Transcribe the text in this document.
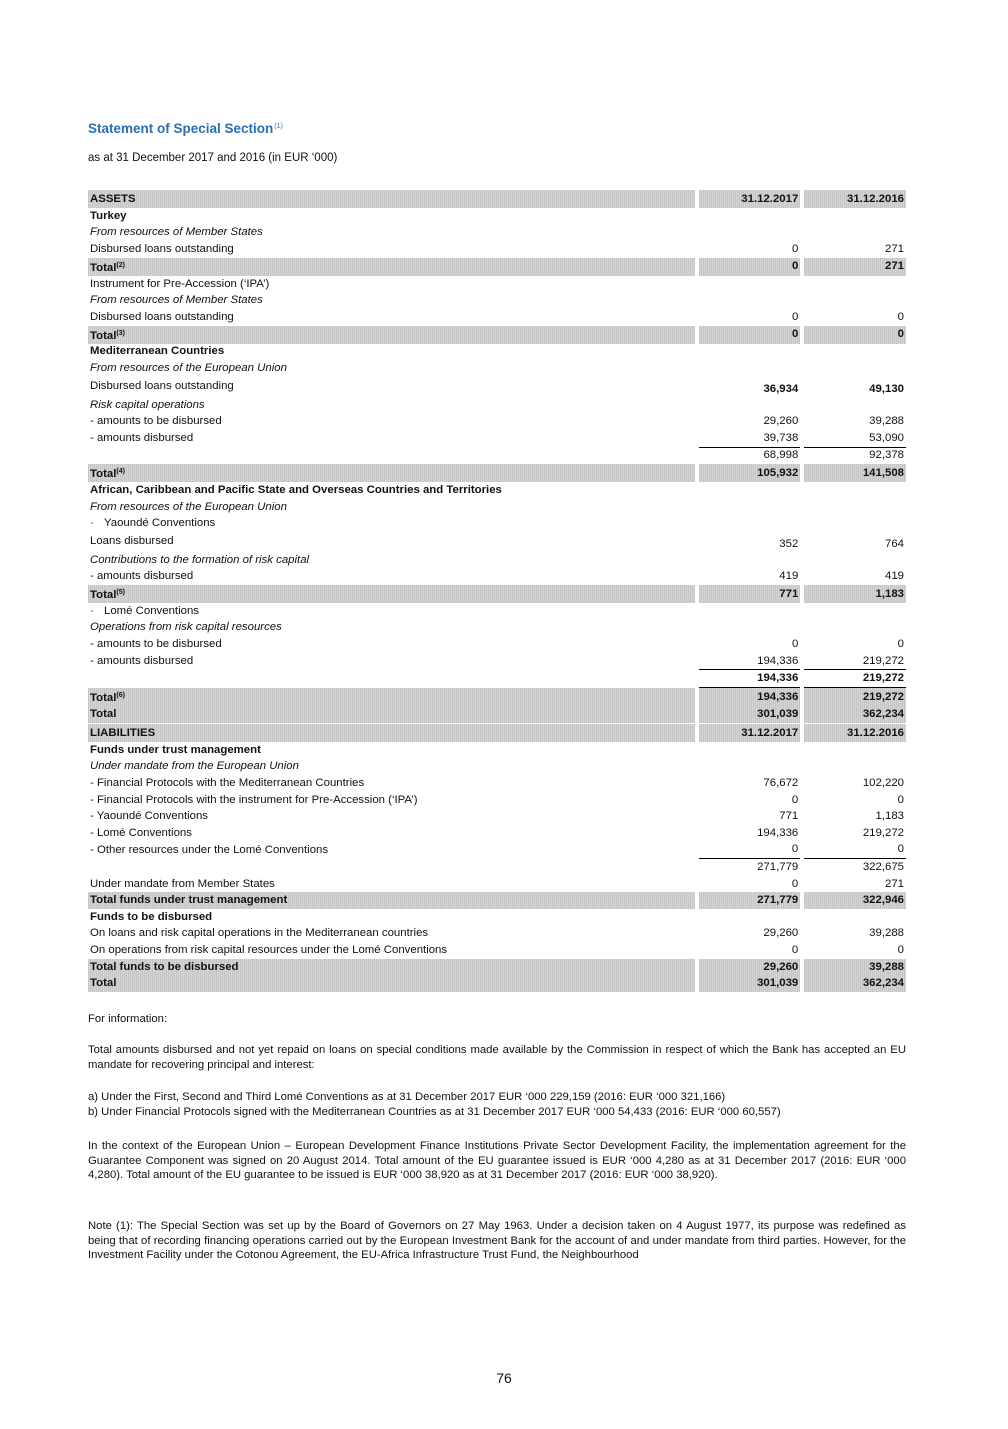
Statement of Special Section$^{(1)}$
as at 31 December 2017 and 2016 (in EUR ‘000)
ASSETS		31.12.2017		31.12.2016
Turkey				
From resources of Member States				
Disbursed loans outstanding		0		271
Total$^{(2)}$		0		271
Instrument for Pre-Accession (‘IPA’)				
From resources of Member States				
Disbursed loans outstanding		0		0
Total$^{(3)}$		0		0
Mediterranean Countries				
From resources of the European Union				
Disbursed loans outstanding		36,934		49,130
Risk capital operations				
- amounts to be disbursed		29,260		39,288
- amounts disbursed		39,738		53,090
		68,998		92,378
Total$^{(4)}$		105,932		141,508
African, Caribbean and Pacific State and Overseas Countries and Territories				
From resources of the European Union				
· Yaoundé Conventions				
Loans disbursed		352		764
Contributions to the formation of risk capital				
- amounts disbursed		419		419
Total$^{(5)}$		771		1,183
· Lomé Conventions				
Operations from risk capital resources				
- amounts to be disbursed		0		0
- amounts disbursed		194,336		219,272
		194,336		219,272
Total$^{(6)}$		194,336		219,272
Total		301,039		362,234
LIABILITIES		31.12.2017		31.12.2016
Funds under trust management				
Under mandate from the European Union				
- Financial Protocols with the Mediterranean Countries		76,672		102,220
- Financial Protocols with the instrument for Pre-Accession (‘IPA’)		0		0
- Yaoundé Conventions		771		1,183
- Lomé Conventions		194,336		219,272
- Other resources under the Lomé Conventions		0		0
		271,779		322,675
Under mandate from Member States		0		271
Total funds under trust management		271,779		322,946
Funds to be disbursed				
On loans and risk capital operations in the Mediterranean countries		29,260		39,288
On operations from risk capital resources under the Lomé Conventions		0		0
Total funds to be disbursed		29,260		39,288
Total		301,039		362,234
For information:
Total amounts disbursed and not yet repaid on loans on special conditions made available by the Commission in respect of which the Bank has accepted an EU mandate for recovering principal and interest:
a) Under the First, Second and Third Lomé Conventions as at 31 December 2017 EUR ‘000 229,159 (2016: EUR ‘000 321,166)
b) Under Financial Protocols signed with the Mediterranean Countries as at 31 December 2017 EUR ‘000 54,433 (2016: EUR ‘000 60,557)
In the context of the European Union – European Development Finance Institutions Private Sector Development Facility, the implementation agreement for the Guarantee Component was signed on 20 August 2014. Total amount of the EU guarantee issued is EUR ‘000 4,280 as at 31 December 2017 (2016: EUR ‘000 4,280). Total amount of the EU guarantee to be issued is EUR ‘000 38,920 as at 31 December 2017 (2016: EUR ‘000 38,920).
Note (1): The Special Section was set up by the Board of Governors on 27 May 1963. Under a decision taken on 4 August 1977, its purpose was redefined as being that of recording financing operations carried out by the European Investment Bank for the account of and under mandate from third parties. However, for the Investment Facility under the Cotonou Agreement, the EU-Africa Infrastructure Trust Fund, the Neighbourhood
76
